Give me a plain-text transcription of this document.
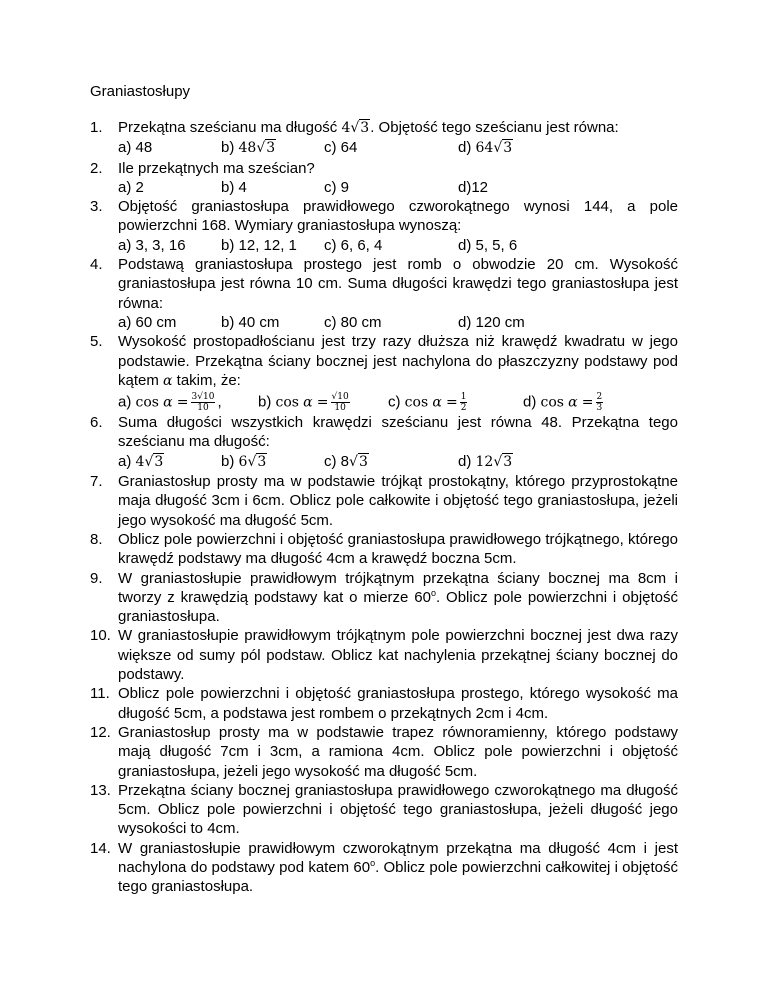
Graniastosłupy
1.	Przekątna sześcianu ma długość 4√3. Objętość tego sześcianu jest równa:
a) 48	b) 48√3	c) 64	d) 64√3
2.	Ile przekątnych ma sześcian?
a) 2	b) 4	c) 9	d)12
3.	Objętość graniastosłupa prawidłowego czworokątnego wynosi 144, a pole powierzchni 168. Wymiary graniastosłupa wynoszą:
a) 3, 3, 16	b) 12, 12, 1	c) 6, 6, 4	d) 5, 5, 6
4.	Podstawą graniastosłupa prostego jest romb o obwodzie 20 cm. Wysokość graniastosłupa jest równa 10 cm. Suma długości krawędzi tego graniastosłupa jest równa:
a) 60 cm	b) 40 cm	c) 80 cm	d) 120 cm
5.	Wysokość prostopadłościanu jest trzy razy dłuższa niż krawędź kwadratu w jego podstawie. Przekątna ściany bocznej jest nachylona do płaszczyzny podstawy pod kątem α takim, że:
a) $\cos \alpha = \frac{3√10}{10}$ ,	b) $\cos \alpha = \frac{√10}{10}$	c) $\cos \alpha = \frac{1}{2}$	d) $\cos \alpha = \frac{2}{3}$
6.	Suma długości wszystkich krawędzi sześcianu jest równa 48. Przekątna tego sześcianu ma długość:
a) 4√3	b) 6√3	c) 8√3	d) 12√3
7.	Graniastosłup prosty ma w podstawie trójkąt prostokątny, którego przyprostokątne maja długość 3cm i 6cm. Oblicz pole całkowite i objętość tego graniastosłupa, jeżeli jego wysokość ma długość 5cm.
8.	Oblicz pole powierzchni i objętość graniastosłupa prawidłowego trójkątnego, którego krawędź podstawy ma długość 4cm a krawędź boczna 5cm.
9.	W graniastosłupie prawidłowym trójkątnym przekątna ściany bocznej ma 8cm i tworzy z krawędzią podstawy kat o mierze 60$^o$. Oblicz pole powierzchni i objętość graniastosłupa.
10. W graniastosłupie prawidłowym trójkątnym pole powierzchni bocznej jest dwa razy większe od sumy pól podstaw. Oblicz kat nachylenia przekątnej ściany bocznej do podstawy.
11. Oblicz pole powierzchni i objętość graniastosłupa prostego, którego wysokość ma długość 5cm, a podstawa jest rombem o przekątnych 2cm i 4cm.
12. Graniastosłup prosty ma w podstawie trapez równoramienny, którego podstawy mają długość 7cm i 3cm, a ramiona 4cm. Oblicz pole powierzchni i objętość graniastosłupa, jeżeli jego wysokość ma długość 5cm.
13. Przekątna ściany bocznej graniastosłupa prawidłowego czworokątnego ma długość 5cm. Oblicz pole powierzchni i objętość tego graniastosłupa, jeżeli długość jego wysokości to 4cm.
14. W graniastosłupie prawidłowym czworokątnym przekątna ma długość 4cm i jest nachylona do podstawy pod katem 60$^o$. Oblicz pole powierzchni całkowitej i objętość tego graniastosłupa.
